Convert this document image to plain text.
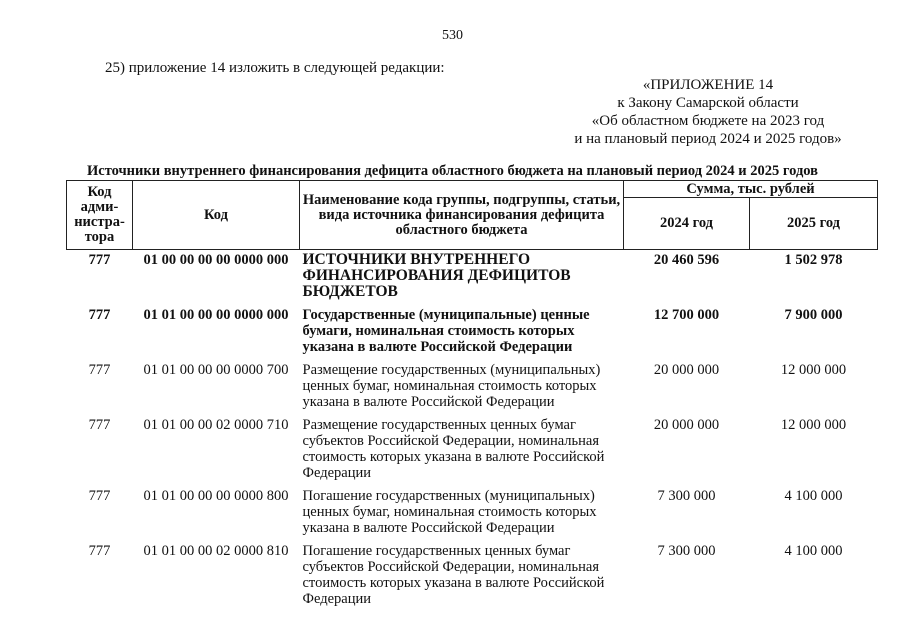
530
25) приложение 14 изложить в следующей редакции:
«ПРИЛОЖЕНИЕ 14
к Закону Самарской области
«Об областном бюджете на 2023 год
и на плановый период 2024 и 2025 годов»
Источники внутреннего финансирования дефицита областного бюджета на плановый период 2024 и 2025 годов
Код адми-нистра-тора	Код	Наименование кода группы, подгруппы, статьи, вида источника финансирования дефицита областного бюджета	Сумма, тыс. рублей	
			2024 год	2025 год
777	01 00 00 00 00 0000 000	ИСТОЧНИКИ ВНУТРЕННЕГО ФИНАНСИРОВАНИЯ ДЕФИЦИТОВ БЮДЖЕТОВ	20 460 596	1 502 978
777	01 01 00 00 00 0000 000	Государственные (муниципальные) ценные бумаги, номинальная стоимость которых указана в валюте Российской Федерации	12 700 000	7 900 000
777	01 01 00 00 00 0000 700	Размещение государственных (муниципальных) ценных бумаг, номинальная стоимость которых указана в валюте Российской Федерации	20 000 000	12 000 000
777	01 01 00 00 02 0000 710	Размещение государственных ценных бумаг субъектов Российской Федерации, номинальная стоимость которых указана в валюте Российской Федерации	20 000 000	12 000 000
777	01 01 00 00 00 0000 800	Погашение государственных (муниципальных) ценных бумаг, номинальная стоимость которых указана в валюте Российской Федерации	7 300 000	4 100 000
777	01 01 00 00 02 0000 810	Погашение государственных ценных бумаг субъектов Российской Федерации, номинальная стоимость которых указана в валюте Российской Федерации	7 300 000	4 100 000
